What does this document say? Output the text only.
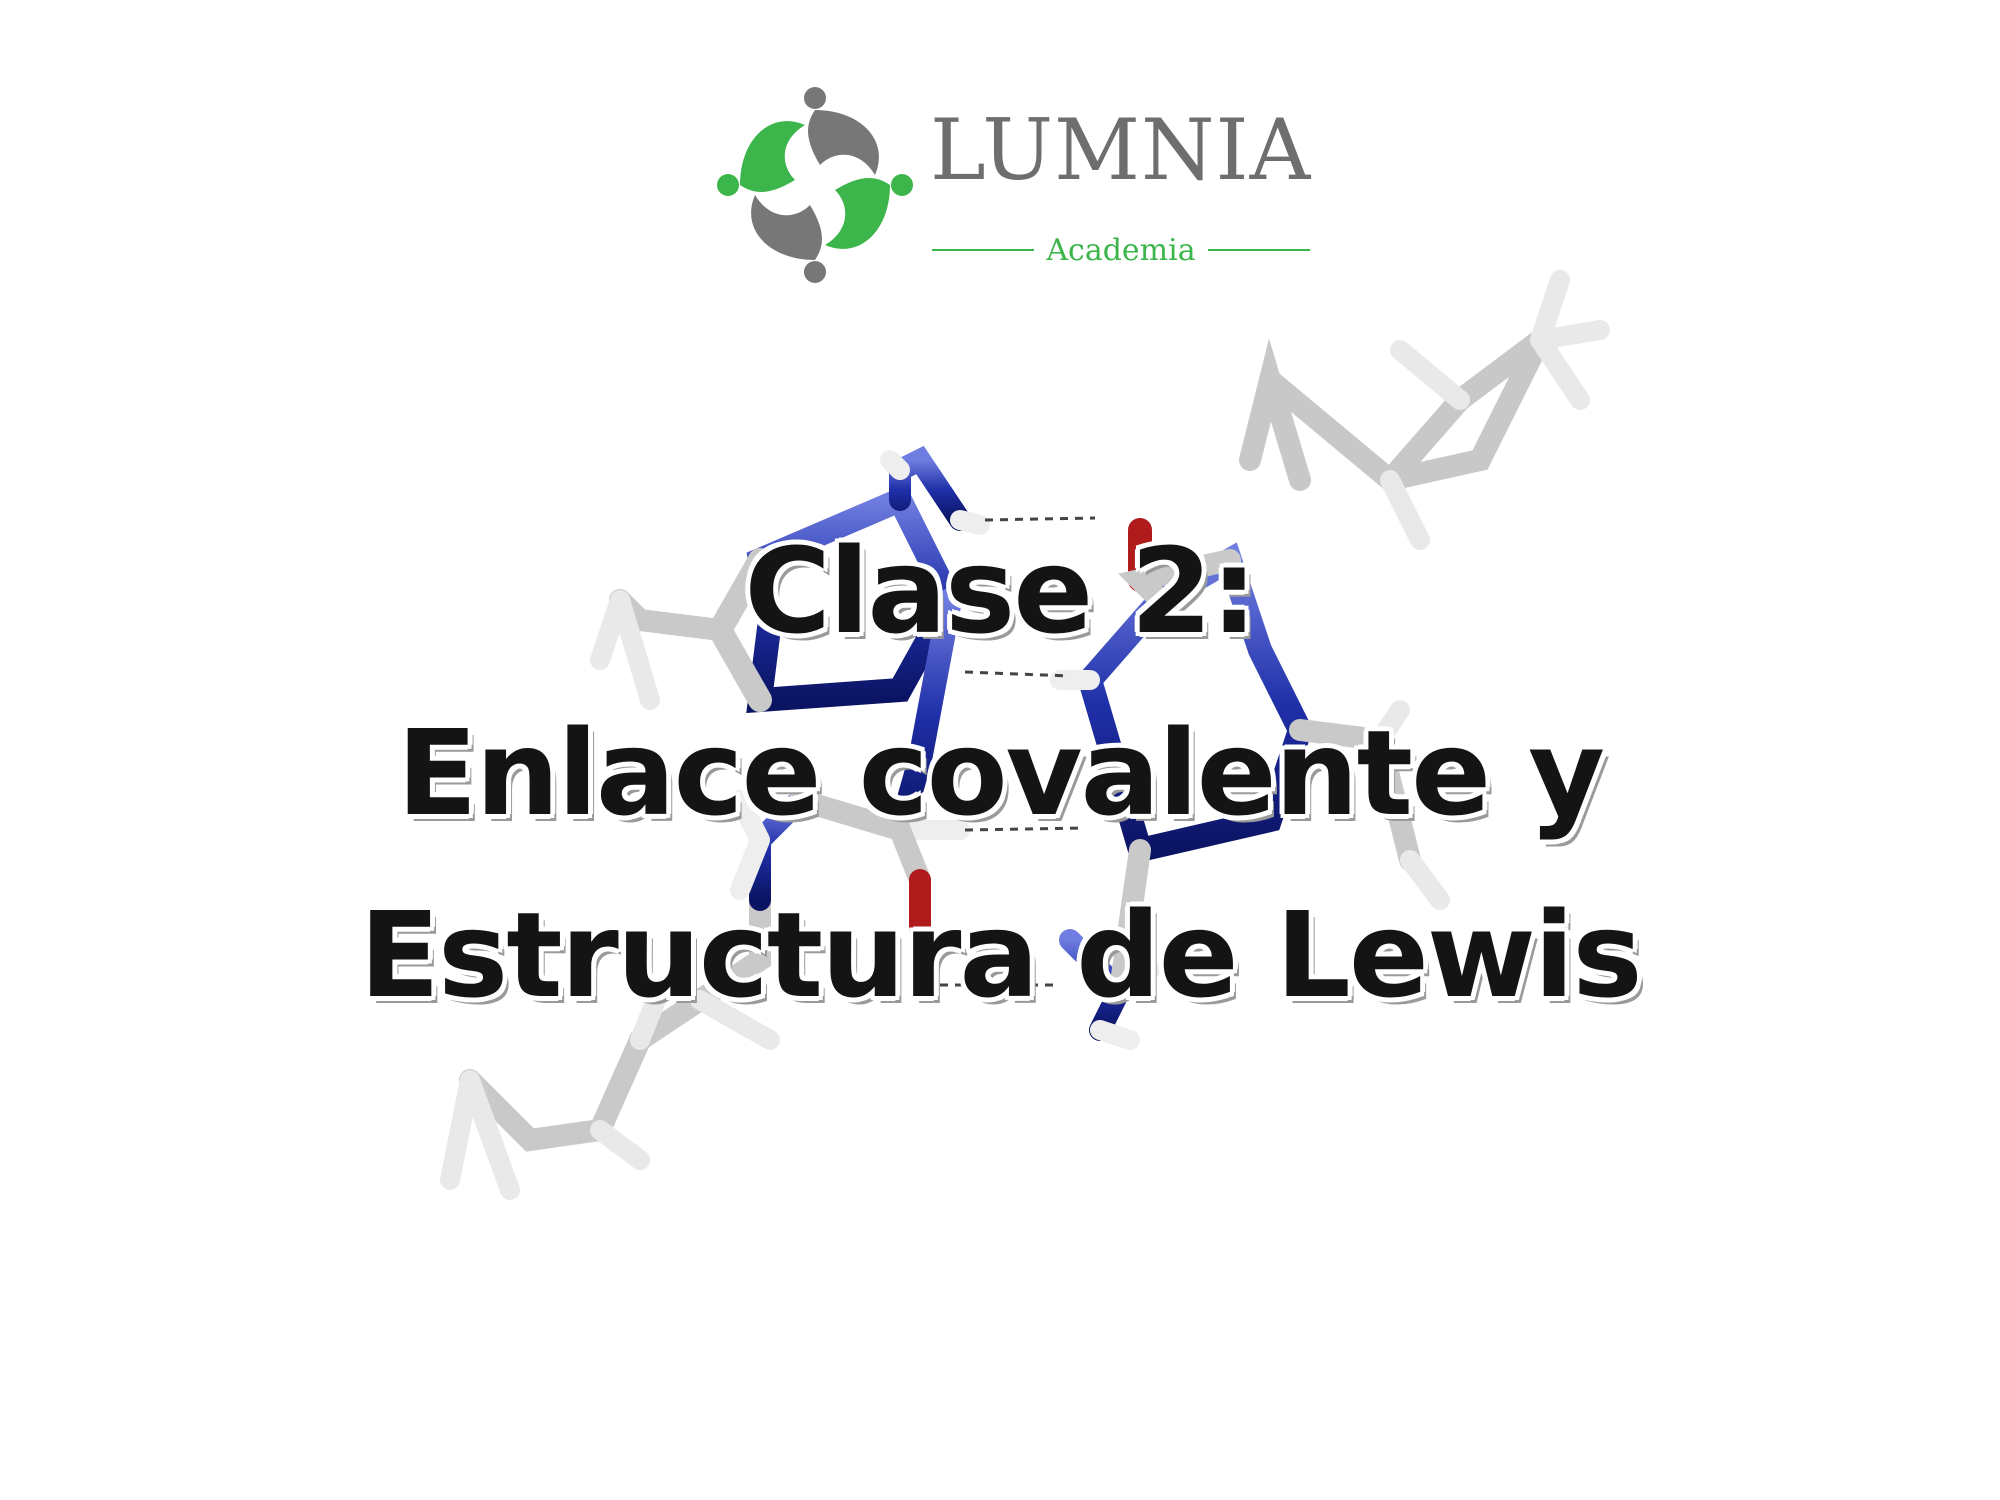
LUMNIA
Academia
Clase 2:
Enlace covalente y
Estructura de Lewis
